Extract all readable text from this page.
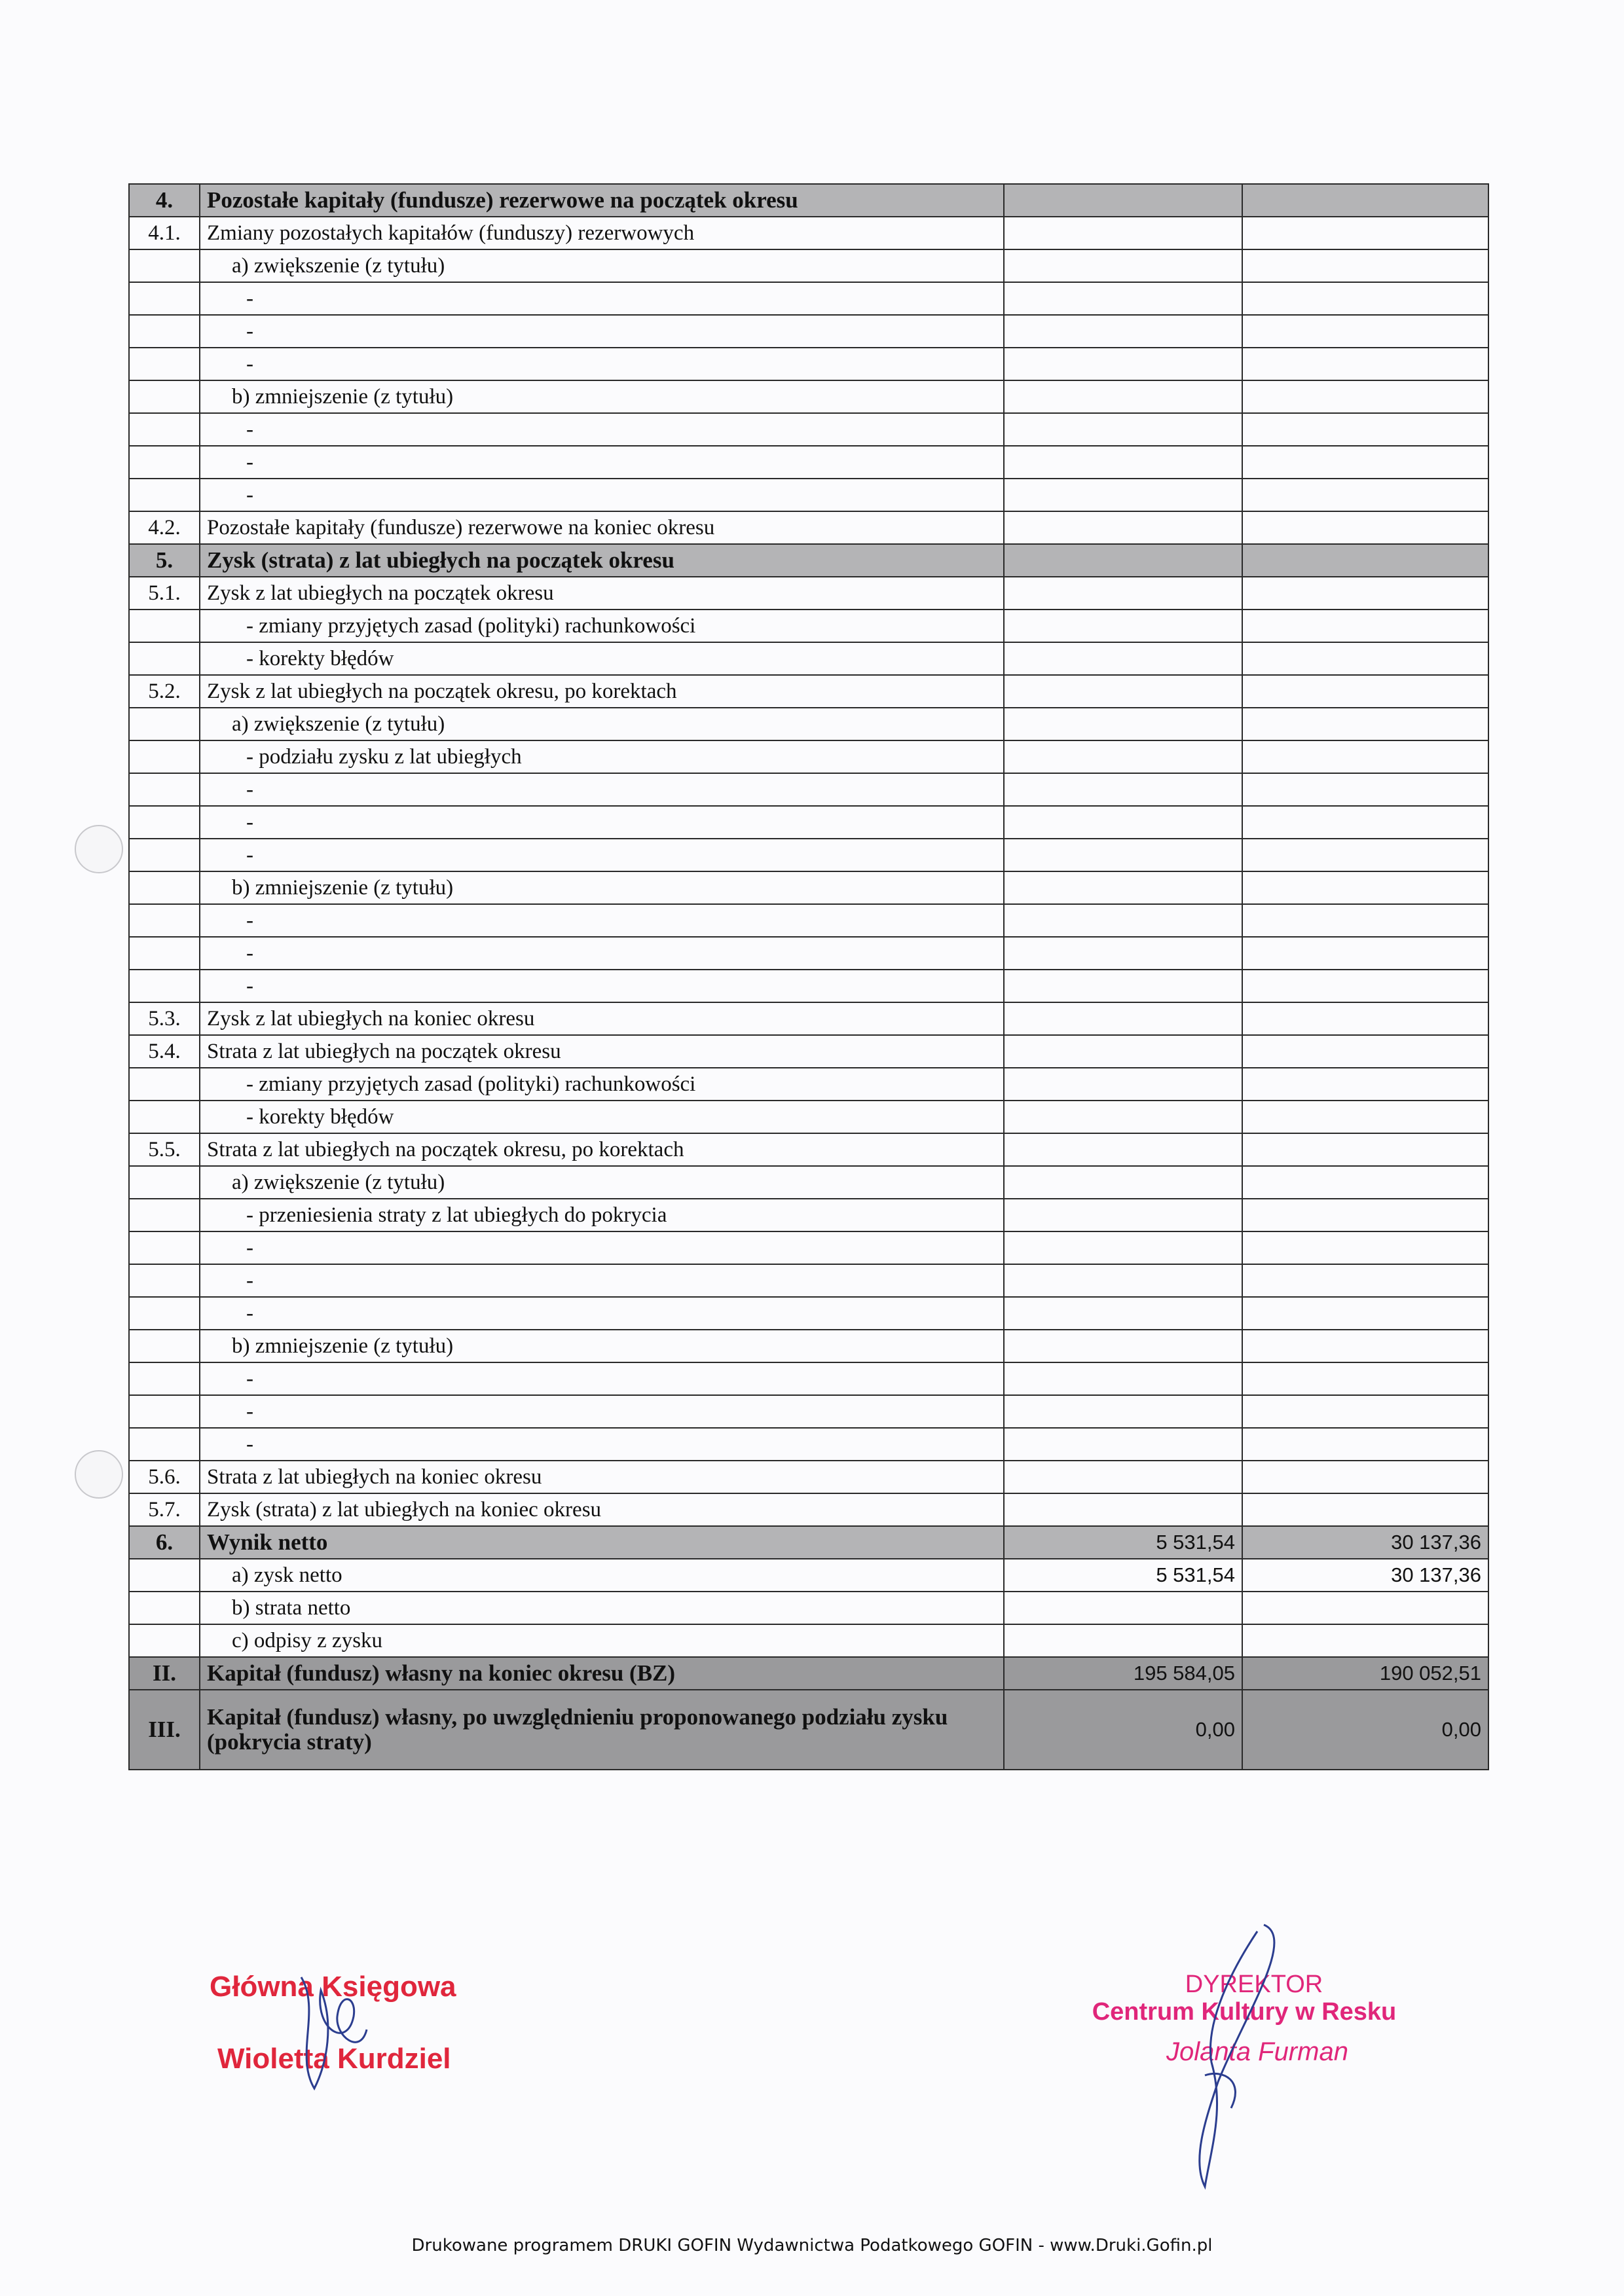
4.	Pozostałe kapitały (fundusze) rezerwowe na początek okresu		
4.1.	Zmiany pozostałych kapitałów (funduszy) rezerwowych		
	a) zwiększenie (z tytułu)		
	-		
	-		
	-		
	b) zmniejszenie (z tytułu)		
	-		
	-		
	-		
4.2.	Pozostałe kapitały (fundusze) rezerwowe na koniec okresu		
5.	Zysk (strata) z lat ubiegłych na początek okresu		
5.1.	Zysk z lat ubiegłych na początek okresu		
	- zmiany przyjętych zasad (polityki) rachunkowości		
	- korekty błędów		
5.2.	Zysk z lat ubiegłych na początek okresu, po korektach		
	a) zwiększenie (z tytułu)		
	- podziału zysku z lat ubiegłych		
	-		
	-		
	-		
	b) zmniejszenie (z tytułu)		
	-		
	-		
	-		
5.3.	Zysk z lat ubiegłych na koniec okresu		
5.4.	Strata z lat ubiegłych na początek okresu		
	- zmiany przyjętych zasad (polityki) rachunkowości		
	- korekty błędów		
5.5.	Strata z lat ubiegłych na początek okresu, po korektach		
	a) zwiększenie (z tytułu)		
	- przeniesienia straty z lat ubiegłych do pokrycia		
	-		
	-		
	-		
	b) zmniejszenie (z tytułu)		
	-		
	-		
	-		
5.6.	Strata z lat ubiegłych na koniec okresu		
5.7.	Zysk (strata) z lat ubiegłych na koniec okresu		
6.	Wynik netto	5 531,54	30 137,36
	a) zysk netto	5 531,54	30 137,36
	b) strata netto		
	c) odpisy z zysku		
II.	Kapitał (fundusz) własny na koniec okresu (BZ)	195 584,05	190 052,51
III.	Kapitał (fundusz) własny, po uwzględnieniu proponowanego podziału zysku (pokrycia straty)	0,00	0,00
Główna Księgowa
Wioletta Kurdziel
DYREKTOR
Centrum Kultury w Resku
Jolanta Furman
Drukowane programem DRUKI GOFIN Wydawnictwa Podatkowego GOFIN - www.Druki.Gofin.pl
